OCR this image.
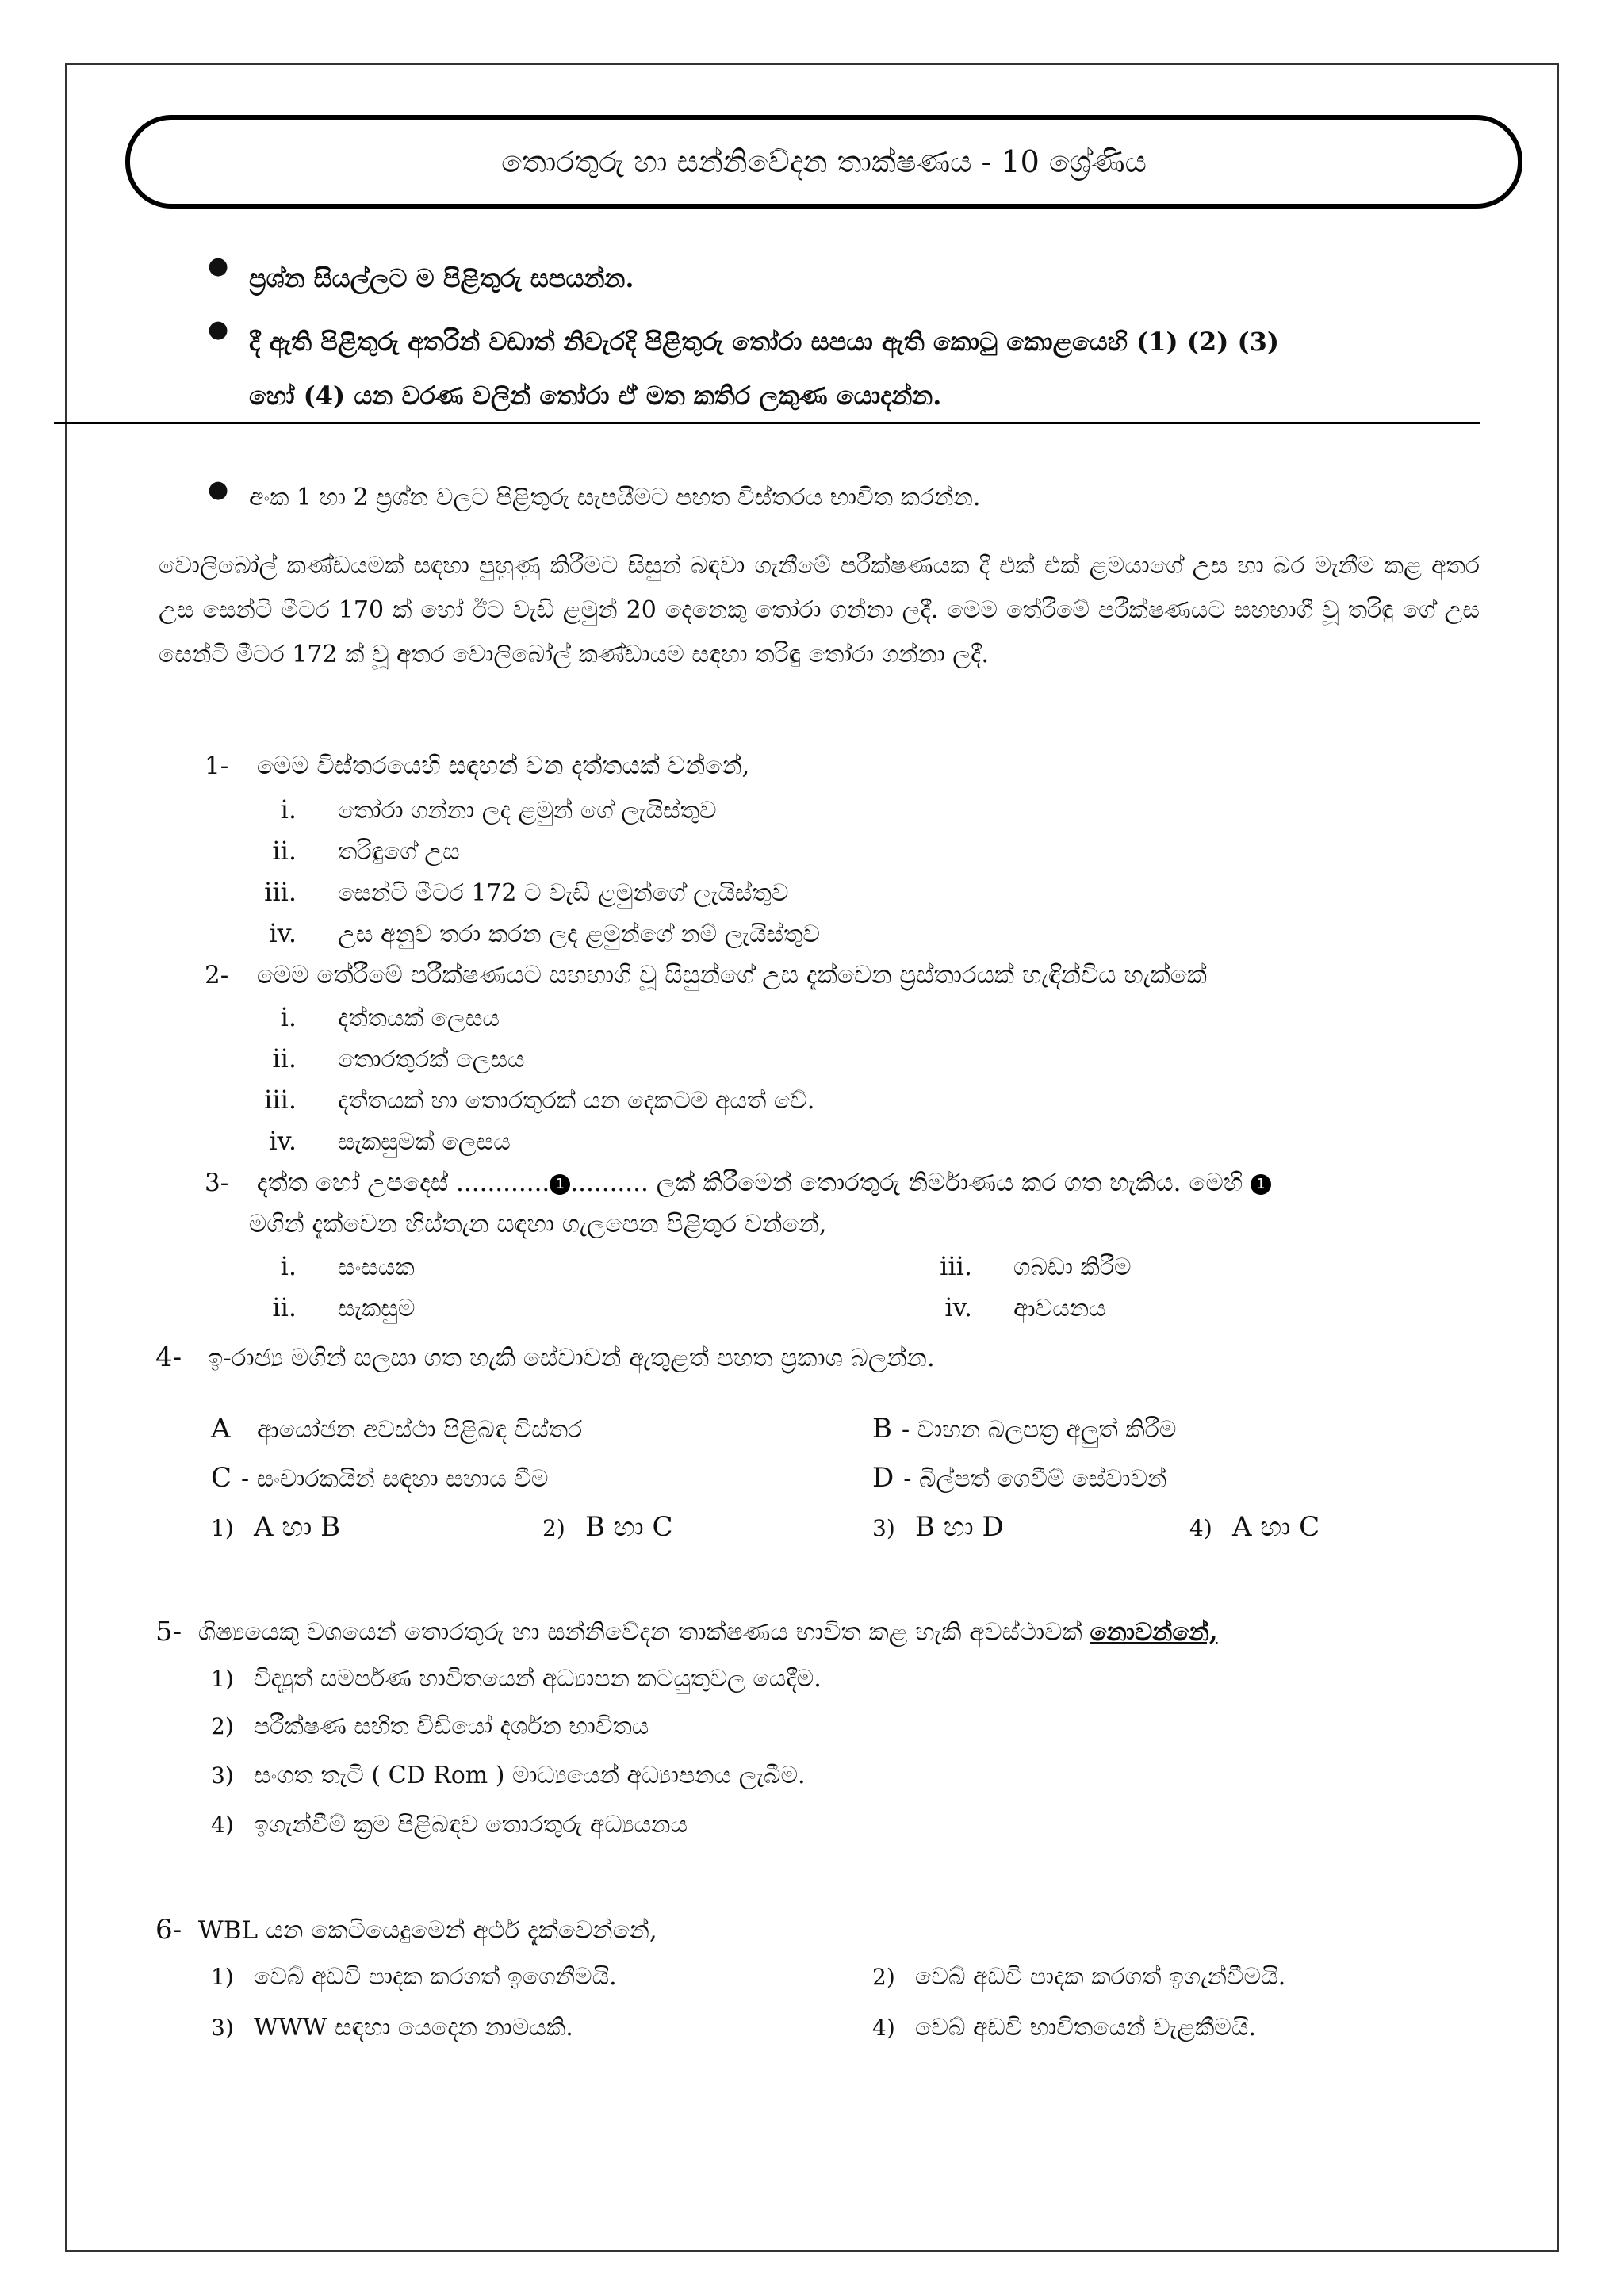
තොරතුරු හා සන්නිවේදන තාක්ෂණය - 10 ශ්‍රේණිය
● ප්‍රශ්න සියල්ලට ම පිළිතුරු සපයන්න.
● දී ඇති පිළිතුරු අතරින් වඩාත් නිවැරදි පිළිතුරු තෝරා සපයා ඇති කොටු කොළයෙහි (1) (2) (3)
හෝ (4) යන වරණ වලින් තෝරා ඒ මත කතිර ලකුණ යොදන්න.
● අංක 1 හා 2 ප්‍රශ්න වලට පිළිතුරු සැපයීමට පහත විස්තරය භාවිත කරන්න.
වොලිබෝල් කණ්ඩයමක් සඳහා පුහුණු කිරීමට සිසුන් බඳවා ගැනීමේ පරීක්ෂණයක දී එක් එක් ළමයාගේ උස හා බර මැනීම කළ අතර උස සෙන්ටි මීටර 170 ක් හෝ ඊට වැඩි ළමුන් 20 දෙනෙකු තෝරා ගන්නා ලදී. මෙම තේරීමේ පරීක්ෂණයට සහභාගී වූ තරිඳු ගේ උස සෙන්ටි මීටර 172 ක් වූ අතර වොලිබෝල් කණ්ඩායම සඳහා තරිඳු තෝරා ගන්නා ලදී.
1- මෙම විස්තරයෙහි සඳහන් වන දත්තයක් වන්නේ,
i. තෝරා ගන්නා ලද ළමුන් ගේ ලැයිස්තුව
ii. තරිඳුගේ උස
iii. සෙන්ටි මීටර 172 ට වැඩි ළමුන්ගේ ලැයිස්තුව
iv. උස අනුව තරා කරන ලද ළමුන්ගේ නම් ලැයිස්තුව
2- මෙම තේරීමේ පරීක්ෂණයට සහභාගි වූ සිසුන්ගේ උස දැක්වෙන ප්‍රස්තාරයක් හැඳින්විය හැක්කේ
i. දත්තයක් ලෙසය
ii. තොරතුරක් ලෙසය
iii. දත්තයක් හා තොරතුරක් යන දෙකටම අයත් වේ.
iv. සැකසුමක් ලෙසය
3- දත්ත හෝ උපදෙස් ............ 1 .......... ලක් කිරීමෙන් තොරතුරු නිර්මාණය කර ගත හැකිය. මෙහි 1
මගින් දැක්වෙන හිස්තැන සඳහා ගැලපෙන පිළිතුර වන්නේ,
i. සංසයක
ii. සැකසුම
iii. ගබඩා කිරීම
iv. ආවයනය
4- ඉ-රාජ්‍ය මගින් සලසා ගත හැකි සේවාවන් ඇතුළත් පහත ප්‍රකාශ බලන්න.
A ආයෝජන අවස්ථා පිළිබඳ විස්තර	B - වාහන බලපත්‍ර අලුත් කිරීම
C - සංචාරකයින් සඳහා සහාය වීම	D - බිල්පත් ගෙවීම් සේවාවන්
1) A හා B	2) B හා C	3) B හා D	4) A හා C
5- ශිෂ්‍යයෙකු වශයෙන් තොරතුරු හා සන්නිවේදන තාක්ෂණය භාවිත කළ හැකි අවස්ථාවක් නොවන්නේ,
1) විද්‍යුත් සමර්පණ භාවිතයෙන් අධ්‍යාපන කටයුතුවල යෙදීම.
2) පරීක්ෂණ සහිත වීඩියෝ දර්ශන භාවිතය
3) සංගත තැටි ( CD Rom ) මාධ්‍යයෙන් අධ්‍යාපනය ලැබීම.
4) ඉගැන්වීම් ක්‍රම පිළිබඳව තොරතුරු අධ්‍යයනය
6- WBL යන කෙටියෙදුමෙන් අර්ථ දැක්වෙන්නේ,
1) වෙබ් අඩවි පාදක කරගත් ඉගෙනීමයි.	2) වෙබ් අඩවි පාදක කරගත් ඉගැන්වීමයි.
3) WWW සඳහා යෙදෙන නාමයකි.	4) වෙබ් අඩවි භාවිතයෙන් වැළකීමයි.
